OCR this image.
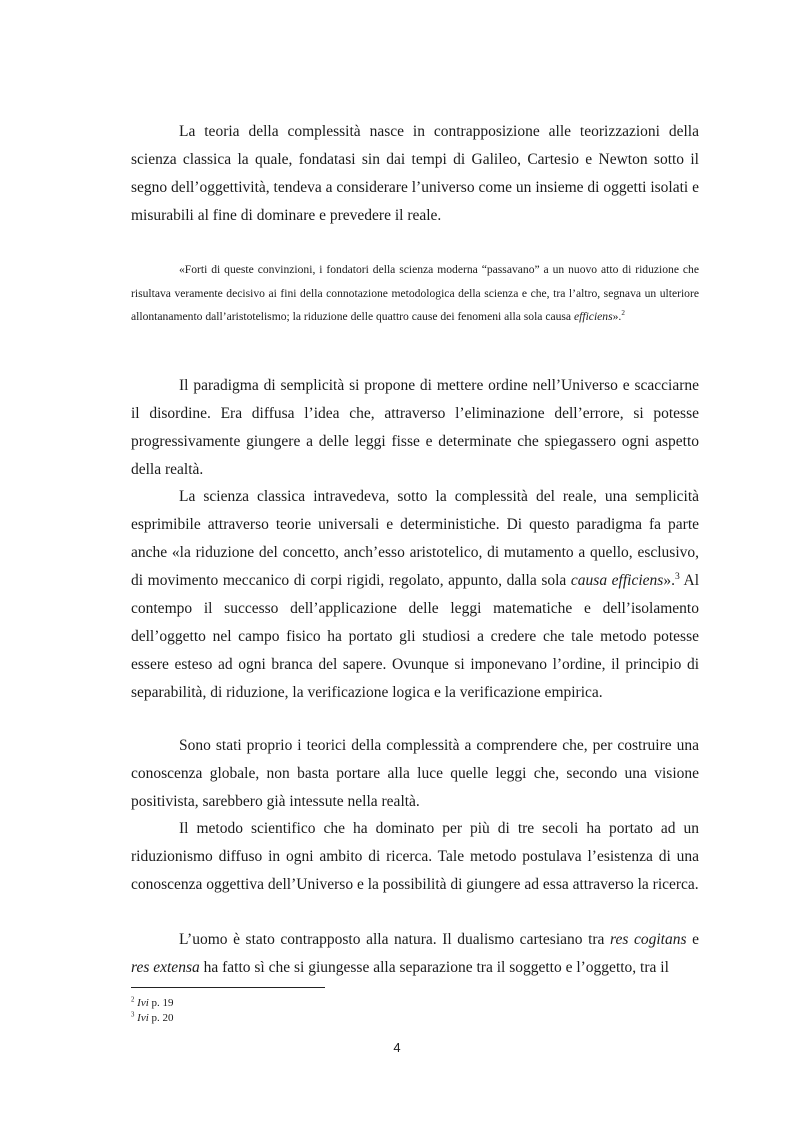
La teoria della complessità nasce in contrapposizione alle teorizzazioni della scienza classica la quale, fondatasi sin dai tempi di Galileo, Cartesio e Newton sotto il segno dell’oggettività, tendeva a considerare l’universo come un insieme di oggetti isolati e misurabili al fine di dominare e prevedere il reale.

«Forti di queste convinzioni, i fondatori della scienza moderna “passavano” a un nuovo atto di riduzione che risultava veramente decisivo ai fini della connotazione metodologica della scienza e che, tra l’altro, segnava un ulteriore allontanamento dall’aristotelismo; la riduzione delle quattro cause dei fenomeni alla sola causa efficiens».$^2$

Il paradigma di semplicità si propone di mettere ordine nell’Universo e scacciarne il disordine. Era diffusa l’idea che, attraverso l’eliminazione dell’errore, si potesse progressivamente giungere a delle leggi fisse e determinate che spiegassero ogni aspetto della realtà.

La scienza classica intravedeva, sotto la complessità del reale, una semplicità esprimibile attraverso teorie universali e deterministiche. Di questo paradigma fa parte anche «la riduzione del concetto, anch’esso aristotelico, di mutamento a quello, esclusivo, di movimento meccanico di corpi rigidi, regolato, appunto, dalla sola causa efficiens».$^3$ Al contempo il successo dell’applicazione delle leggi matematiche e dell’isolamento dell’oggetto nel campo fisico ha portato gli studiosi a credere che tale metodo potesse essere esteso ad ogni branca del sapere. Ovunque si imponevano l’ordine, il principio di separabilità, di riduzione, la verificazione logica e la verificazione empirica.

Sono stati proprio i teorici della complessità a comprendere che, per costruire una conoscenza globale, non basta portare alla luce quelle leggi che, secondo una visione positivista, sarebbero già intessute nella realtà.

Il metodo scientifico che ha dominato per più di tre secoli ha portato ad un riduzionismo diffuso in ogni ambito di ricerca. Tale metodo postulava l’esistenza di una conoscenza oggettiva dell’Universo e la possibilità di giungere ad essa attraverso la ricerca.

L’uomo è stato contrapposto alla natura. Il dualismo cartesiano tra res cogitans e res extensa ha fatto sì che si giungesse alla separazione tra il soggetto e l’oggetto, tra il

$^2$ Ivi p. 19
$^3$ Ivi p. 20
4
